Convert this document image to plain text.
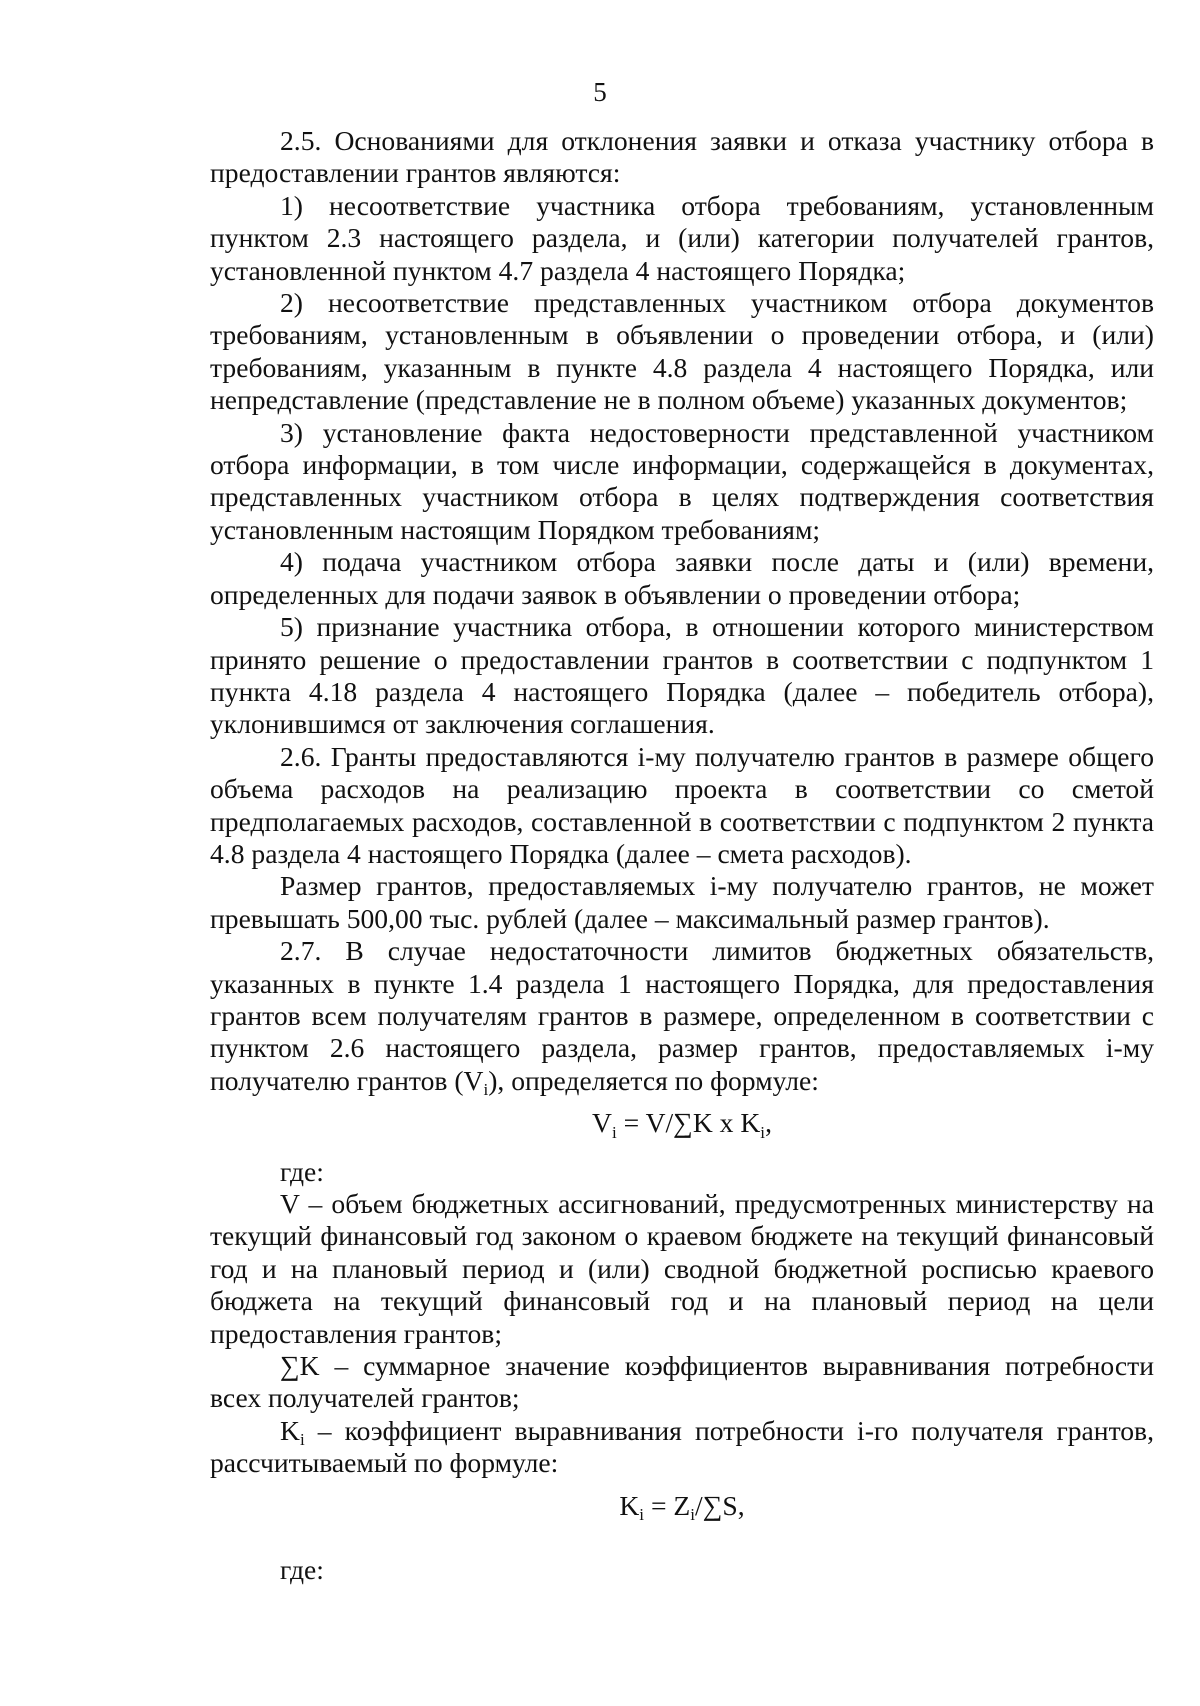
5

2.5. Основаниями для отклонения заявки и отказа участнику отбора в предоставлении грантов являются:

1) несоответствие участника отбора требованиям, установленным пунктом 2.3 настоящего раздела, и (или) категории получателей грантов, установленной пунктом 4.7 раздела 4 настоящего Порядка;

2) несоответствие представленных участником отбора документов требованиям, установленным в объявлении о проведении отбора, и (или) требованиям, указанным в пункте 4.8 раздела 4 настоящего Порядка, или непредставление (представление не в полном объеме) указанных документов;

3) установление факта недостоверности представленной участником отбора информации, в том числе информации, содержащейся в документах, представленных участником отбора в целях подтверждения соответствия установленным настоящим Порядком требованиям;

4) подача участником отбора заявки после даты и (или) времени, определенных для подачи заявок в объявлении о проведении отбора;

5) признание участника отбора, в отношении которого министерством принято решение о предоставлении грантов в соответствии с подпунктом 1 пункта 4.18 раздела 4 настоящего Порядка (далее – победитель отбора), уклонившимся от заключения соглашения.

2.6. Гранты предоставляются i-му получателю грантов в размере общего объема расходов на реализацию проекта в соответствии со сметой предполагаемых расходов, составленной в соответствии с подпунктом 2 пункта 4.8 раздела 4 настоящего Порядка (далее – смета расходов).

Размер грантов, предоставляемых i-му получателю грантов, не может превышать 500,00 тыс. рублей (далее – максимальный размер грантов).

2.7. В случае недостаточности лимитов бюджетных обязательств, указанных в пункте 1.4 раздела 1 настоящего Порядка, для предоставления грантов всем получателям грантов в размере, определенном в соответствии с пунктом 2.6 настоящего раздела, размер грантов, предоставляемых i-му получателю грантов $(V_i)$, определяется по формуле:

$V_i = V/\sum K$ x $K_i$,

где:

V – объем бюджетных ассигнований, предусмотренных министерству на текущий финансовый год законом о краевом бюджете на текущий финансовый год и на плановый период и (или) сводной бюджетной росписью краевого бюджета на текущий финансовый год и на плановый период на цели предоставления грантов;

∑K – суммарное значение коэффициентов выравнивания потребности всех получателей грантов;

$K_i$ – коэффициент выравнивания потребности i-го получателя грантов, рассчитываемый по формуле:

$K_i = Z_i/\sum S$,

где:
